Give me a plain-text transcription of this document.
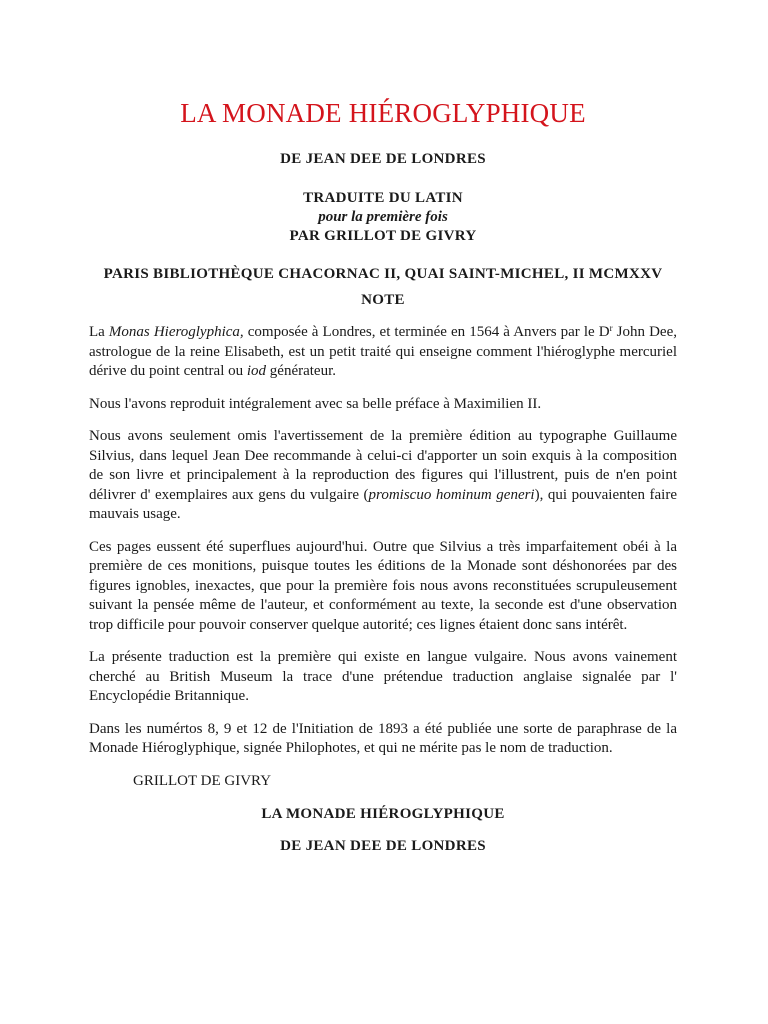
LA MONADE HIÉROGLYPHIQUE
DE JEAN DEE DE LONDRES
TRADUITE DU LATIN
pour la première fois
PAR GRILLOT DE GIVRY
PARIS BIBLIOTHÈQUE CHACORNAC II, QUAI SAINT-MICHEL, II MCMXXV
NOTE

La Monas Hieroglyphica, composée à Londres, et terminée en 1564 à Anvers par le $D^r$ John Dee, astrologue de la reine Elisabeth, est un petit traité qui enseigne comment l'hiéroglyphe mercuriel dérive du point central ou iod générateur.

Nous l'avons reproduit intégralement avec sa belle préface à Maximilien II.

Nous avons seulement omis l'avertissement de la première édition au typographe Guillaume Silvius, dans lequel Jean Dee recommande à celui-ci d'apporter un soin exquis à la composition de son livre et principalement à la reproduction des figures qui l'illustrent, puis de n'en point délivrer d' exemplaires aux gens du vulgaire (promiscuo hominum generi), qui pouvaienten faire mauvais usage.

Ces pages eussent été superflues aujourd'hui. Outre que Silvius a très imparfaitement obéi à la première de ces monitions, puisque toutes les éditions de la Monade sont déshonorées par des figures ignobles, inexactes, que pour la première fois nous avons reconstituées scrupuleusement suivant la pensée même de l'auteur, et conformément au texte, la seconde est d'une observation trop difficile pour pouvoir conserver quelque autorité; ces lignes étaient donc sans intérêt.

La présente traduction est la première qui existe en langue vulgaire. Nous avons vainement cherché au British Museum la trace d'une prétendue traduction anglaise signalée par l' Encyclopédie Britannique.

Dans les numértos 8, 9 et 12 de l'Initiation de 1893 a été publiée une sorte de paraphrase de la Monade Hiéroglyphique, signée Philophotes, et qui ne mérite pas le nom de traduction.

GRILLOT DE GIVRY
LA MONADE HIÉROGLYPHIQUE
DE JEAN DEE DE LONDRES
